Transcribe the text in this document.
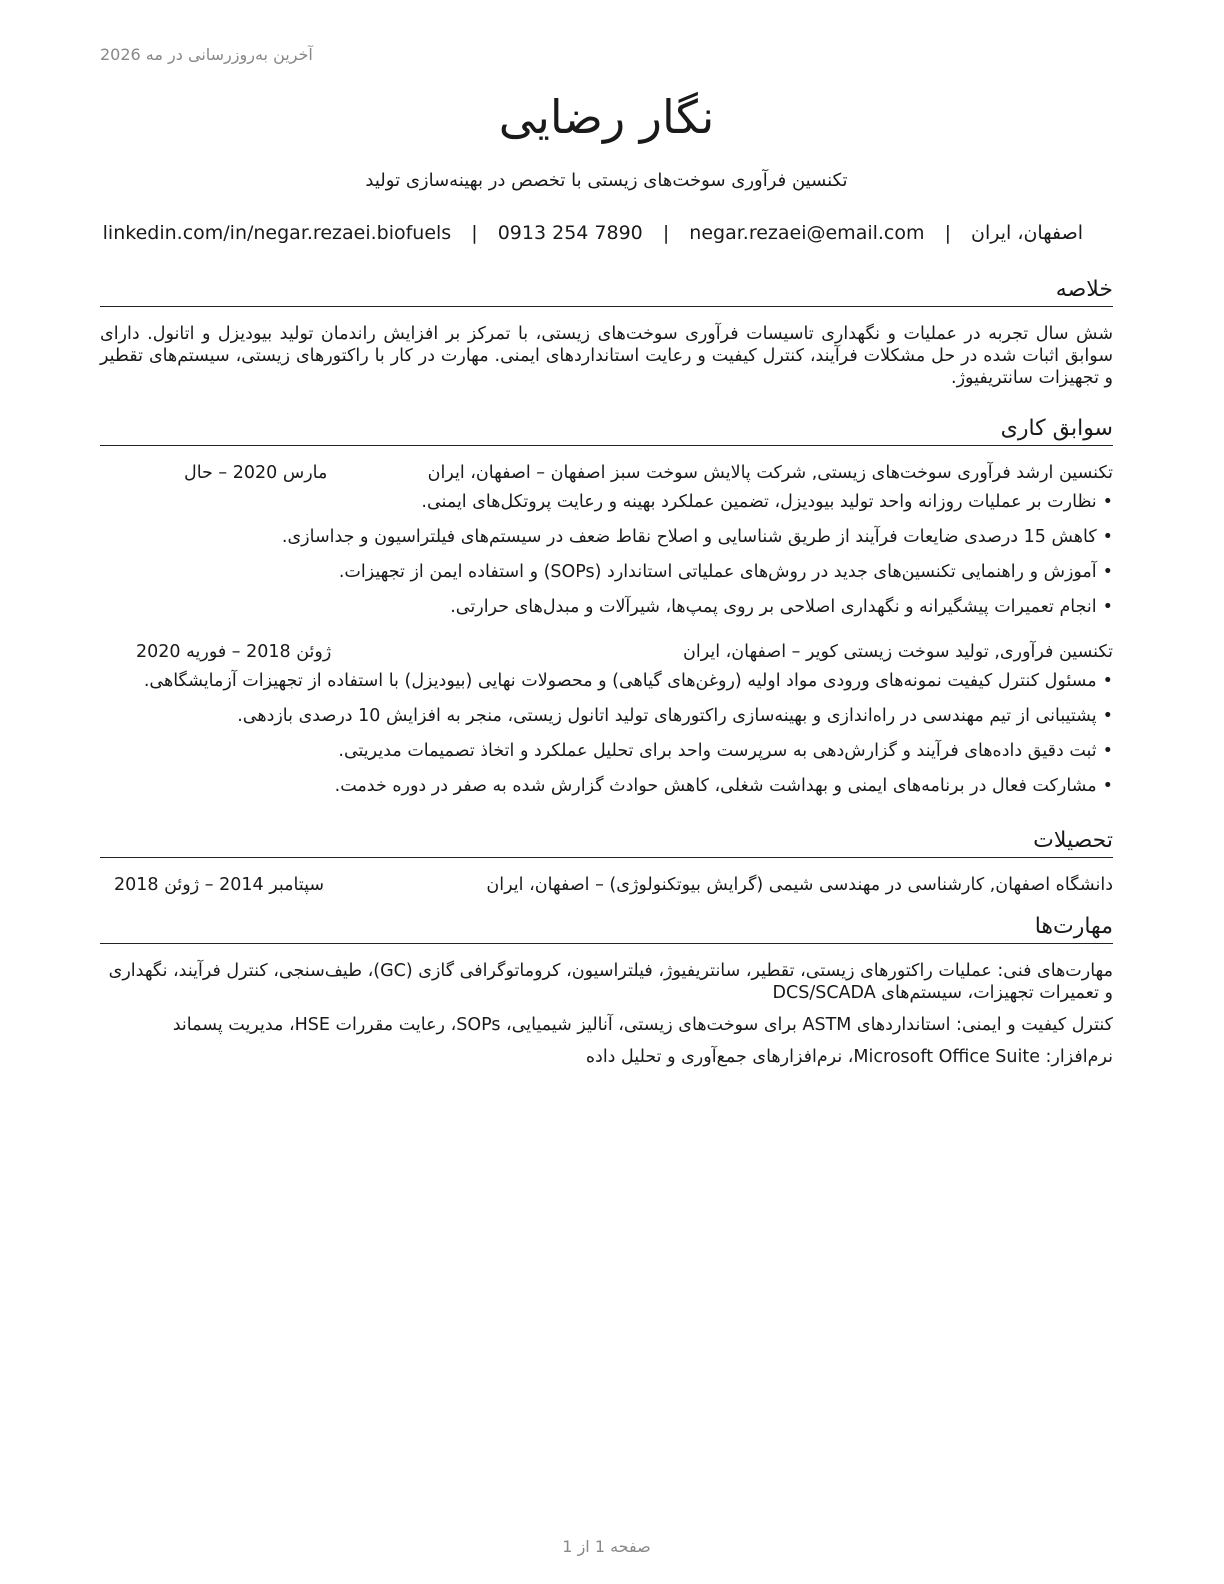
آخرین به‌روزرسانی در مه 2026
نگار رضایی
تکنسین فرآوری سوخت‌های زیستی با تخصص در بهینه‌سازی تولید
اصفهان، ایران | negar.rezaei@email.com | 0913 254 7890 | linkedin.com/in/negar.rezaei.biofuels
خلاصه
شش سال تجربه در عملیات و نگهداری تاسیسات فرآوری سوخت‌های زیستی، با تمرکز بر افزایش راندمان تولید بیودیزل و اتانول. دارای سوابق اثبات شده در حل مشکلات فرآیند، کنترل کیفیت و رعایت استانداردهای ایمنی. مهارت در کار با راکتورهای زیستی، سیستم‌های تقطیر و تجهیزات سانتریفیوژ.
سوابق کاری
تکنسین ارشد فرآوری سوخت‌های زیستی, شرکت پالایش سوخت سبز اصفهان – اصفهان، ایران
مارس 2020 – حال
• نظارت بر عملیات روزانه واحد تولید بیودیزل، تضمین عملکرد بهینه و رعایت پروتکل‌های ایمنی.
• کاهش 15 درصدی ضایعات فرآیند از طریق شناسایی و اصلاح نقاط ضعف در سیستم‌های فیلتراسیون و جداسازی.
• آموزش و راهنمایی تکنسین‌های جدید در روش‌های عملیاتی استاندارد (SOPs) و استفاده ایمن از تجهیزات.
• انجام تعمیرات پیشگیرانه و نگهداری اصلاحی بر روی پمپ‌ها، شیرآلات و مبدل‌های حرارتی.
تکنسین فرآوری, تولید سوخت زیستی کویر – اصفهان، ایران
ژوئن 2018 – فوریه 2020
• مسئول کنترل کیفیت نمونه‌های ورودی مواد اولیه (روغن‌های گیاهی) و محصولات نهایی (بیودیزل) با استفاده از تجهیزات آزمایشگاهی.
• پشتیبانی از تیم مهندسی در راه‌اندازی و بهینه‌سازی راکتورهای تولید اتانول زیستی، منجر به افزایش 10 درصدی بازدهی.
• ثبت دقیق داده‌های فرآیند و گزارش‌دهی به سرپرست واحد برای تحلیل عملکرد و اتخاذ تصمیمات مدیریتی.
• مشارکت فعال در برنامه‌های ایمنی و بهداشت شغلی، کاهش حوادث گزارش شده به صفر در دوره خدمت.
تحصیلات
دانشگاه اصفهان, کارشناسی در مهندسی شیمی (گرایش بیوتکنولوژی) – اصفهان، ایران
سپتامبر 2014 – ژوئن 2018
مهارت‌ها
مهارت‌های فنی: عملیات راکتورهای زیستی، تقطیر، سانتریفیوژ، فیلتراسیون، کروماتوگرافی گازی (GC)، طیف‌سنجی، کنترل فرآیند، نگهداری و تعمیرات تجهیزات، سیستم‌های DCS/SCADA
کنترل کیفیت و ایمنی: استانداردهای ASTM برای سوخت‌های زیستی، آنالیز شیمیایی، SOPs، رعایت مقررات HSE، مدیریت پسماند
نرم‌افزار: Microsoft Office Suite، نرم‌افزارهای جمع‌آوری و تحلیل داده
صفحه 1 از 1
